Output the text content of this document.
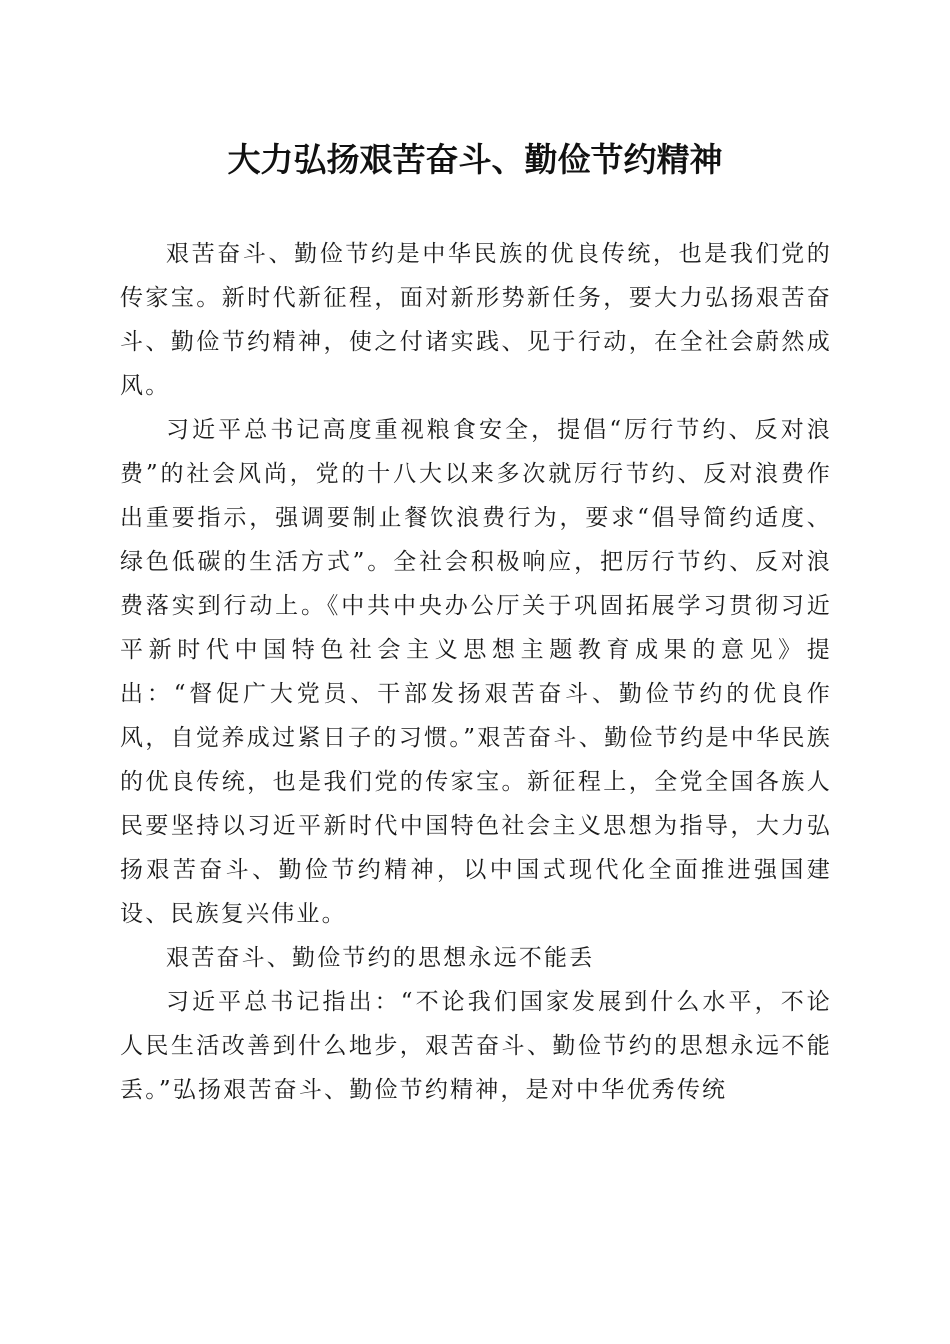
大力弘扬艰苦奋斗、勤俭节约精神

艰苦奋斗、勤俭节约是中华民族的优良传统，也是我们党的传家宝。新时代新征程，面对新形势新任务，要大力弘扬艰苦奋斗、勤俭节约精神，使之付诸实践、见于行动，在全社会蔚然成风。

习近平总书记高度重视粮食安全，提倡“厉行节约、反对浪费”的社会风尚，党的十八大以来多次就厉行节约、反对浪费作出重要指示，强调要制止餐饮浪费行为，要求“倡导简约适度、绿色低碳的生活方式”。全社会积极响应，把厉行节约、反对浪费落实到行动上。《中共中央办公厅关于巩固拓展学习贯彻习近平新时代中国特色社会主义思想主题教育成果的意见》提出：“督促广大党员、干部发扬艰苦奋斗、勤俭节约的优良作风，自觉养成过紧日子的习惯。”艰苦奋斗、勤俭节约是中华民族的优良传统，也是我们党的传家宝。新征程上，全党全国各族人民要坚持以习近平新时代中国特色社会主义思想为指导，大力弘扬艰苦奋斗、勤俭节约精神，以中国式现代化全面推进强国建设、民族复兴伟业。

艰苦奋斗、勤俭节约的思想永远不能丢

习近平总书记指出：“不论我们国家发展到什么水平，不论人民生活改善到什么地步，艰苦奋斗、勤俭节约的思想永远不能丢。”弘扬艰苦奋斗、勤俭节约精神，是对中华优秀传统
